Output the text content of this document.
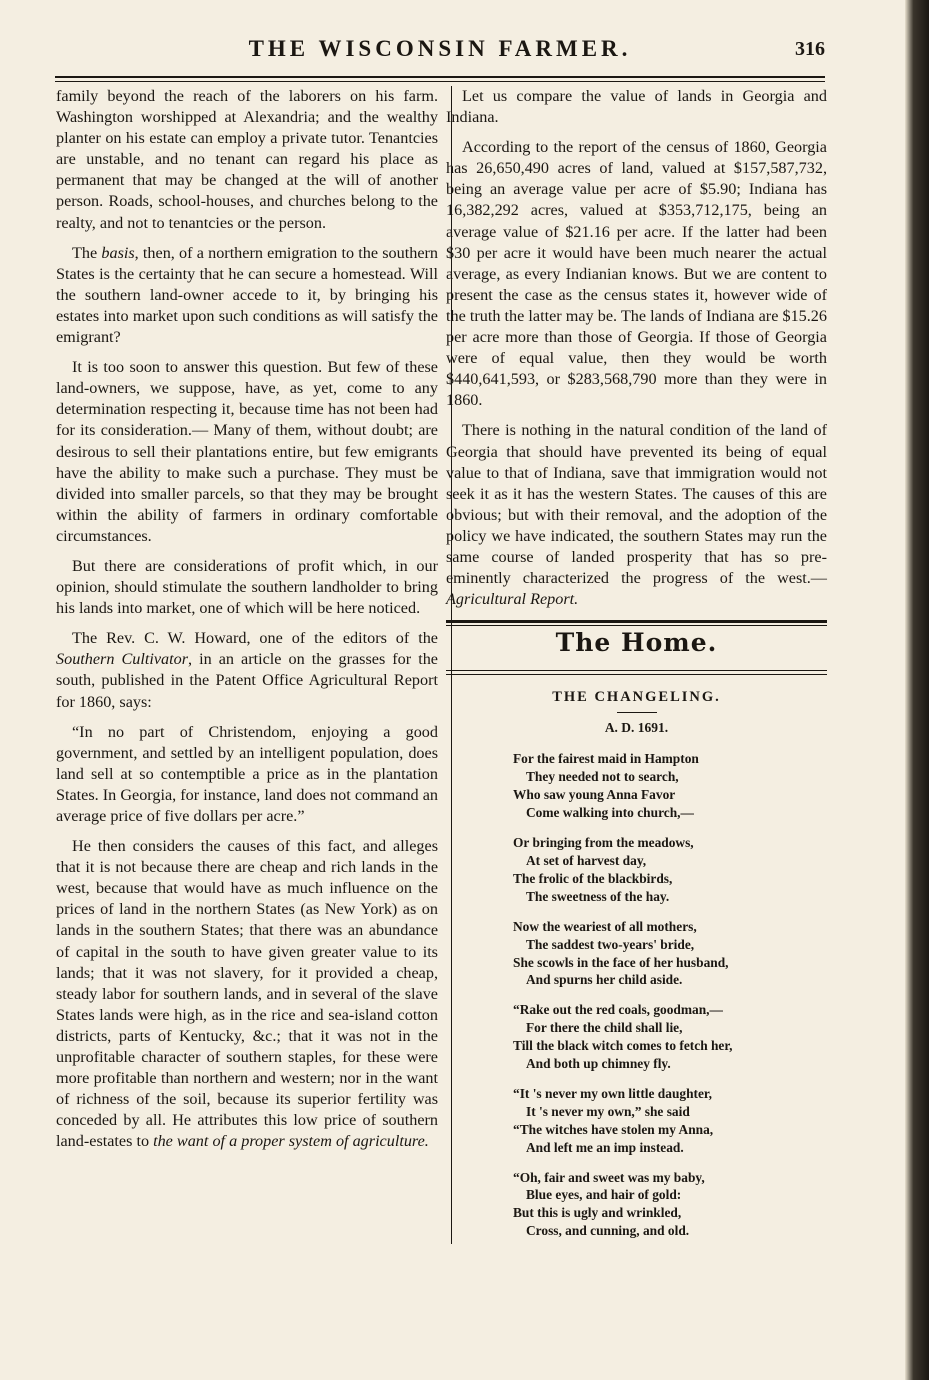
THE WISCONSIN FARMER.	316

family beyond the reach of the laborers on his farm. Washington worshipped at Alexandria; and the wealthy planter on his estate can employ a private tutor. Tenantcies are unstable, and no tenant can regard his place as permanent that may be changed at the will of another person. Roads, school-houses, and churches belong to the realty, and not to tenantcies or the person.

The basis, then, of a northern emigration to the southern States is the certainty that he can secure a homestead. Will the southern land-owner accede to it, by bringing his estates into market upon such conditions as will satisfy the emigrant?

It is too soon to answer this question. But few of these land-owners, we suppose, have, as yet, come to any determination respecting it, because time has not been had for its consideration.— Many of them, without doubt; are desirous to sell their plantations entire, but few emigrants have the ability to make such a purchase. They must be divided into smaller parcels, so that they may be brought within the ability of farmers in ordinary comfortable circumstances.

But there are considerations of profit which, in our opinion, should stimulate the southern landholder to bring his lands into market, one of which will be here noticed.

The Rev. C. W. Howard, one of the editors of the Southern Cultivator, in an article on the grasses for the south, published in the Patent Office Agricultural Report for 1860, says:

“In no part of Christendom, enjoying a good government, and settled by an intelligent population, does land sell at so contemptible a price as in the plantation States. In Georgia, for instance, land does not command an average price of five dollars per acre.”

He then considers the causes of this fact, and alleges that it is not because there are cheap and rich lands in the west, because that would have as much influence on the prices of land in the northern States (as New York) as on lands in the southern States; that there was an abundance of capital in the south to have given greater value to its lands; that it was not slavery, for it provided a cheap, steady labor for southern lands, and in several of the slave States lands were high, as in the rice and sea-island cotton districts, parts of Kentucky, &c.; that it was not in the unprofitable character of southern staples, for these were more profitable than northern and western; nor in the want of richness of the soil, because its superior fertility was conceded by all. He attributes this low price of southern land-estates to the want of a proper system of agriculture.

Let us compare the value of lands in Georgia and Indiana.

According to the report of the census of 1860, Georgia has 26,650,490 acres of land, valued at $157,587,732, being an average value per acre of $5.90; Indiana has 16,382,292 acres, valued at $353,712,175, being an average value of $21.16 per acre. If the latter had been $30 per acre it would have been much nearer the actual average, as every Indianian knows. But we are content to present the case as the census states it, however wide of the truth the latter may be. The lands of Indiana are $15.26 per acre more than those of Georgia. If those of Georgia were of equal value, then they would be worth $440,641,593, or $283,568,790 more than they were in 1860.

There is nothing in the natural condition of the land of Georgia that should have prevented its being of equal value to that of Indiana, save that immigration would not seek it as it has the western States. The causes of this are obvious; but with their removal, and the adoption of the policy we have indicated, the southern States may run the same course of landed prosperity that has so pre-eminently characterized the progress of the west.—Agricultural Report.

The Home.
THE CHANGELING.
A. D. 1691.
For the fairest maid in Hampton
They needed not to search,
Who saw young Anna Favor
Come walking into church,—
Or bringing from the meadows,
At set of harvest day,
The frolic of the blackbirds,
The sweetness of the hay.
Now the weariest of all mothers,
The saddest two-years' bride,
She scowls in the face of her husband,
And spurns her child aside.
“Rake out the red coals, goodman,—
For there the child shall lie,
Till the black witch comes to fetch her,
And both up chimney fly.
“It 's never my own little daughter,
It 's never my own,” she said
“The witches have stolen my Anna,
And left me an imp instead.
“Oh, fair and sweet was my baby,
Blue eyes, and hair of gold:
But this is ugly and wrinkled,
Cross, and cunning, and old.
